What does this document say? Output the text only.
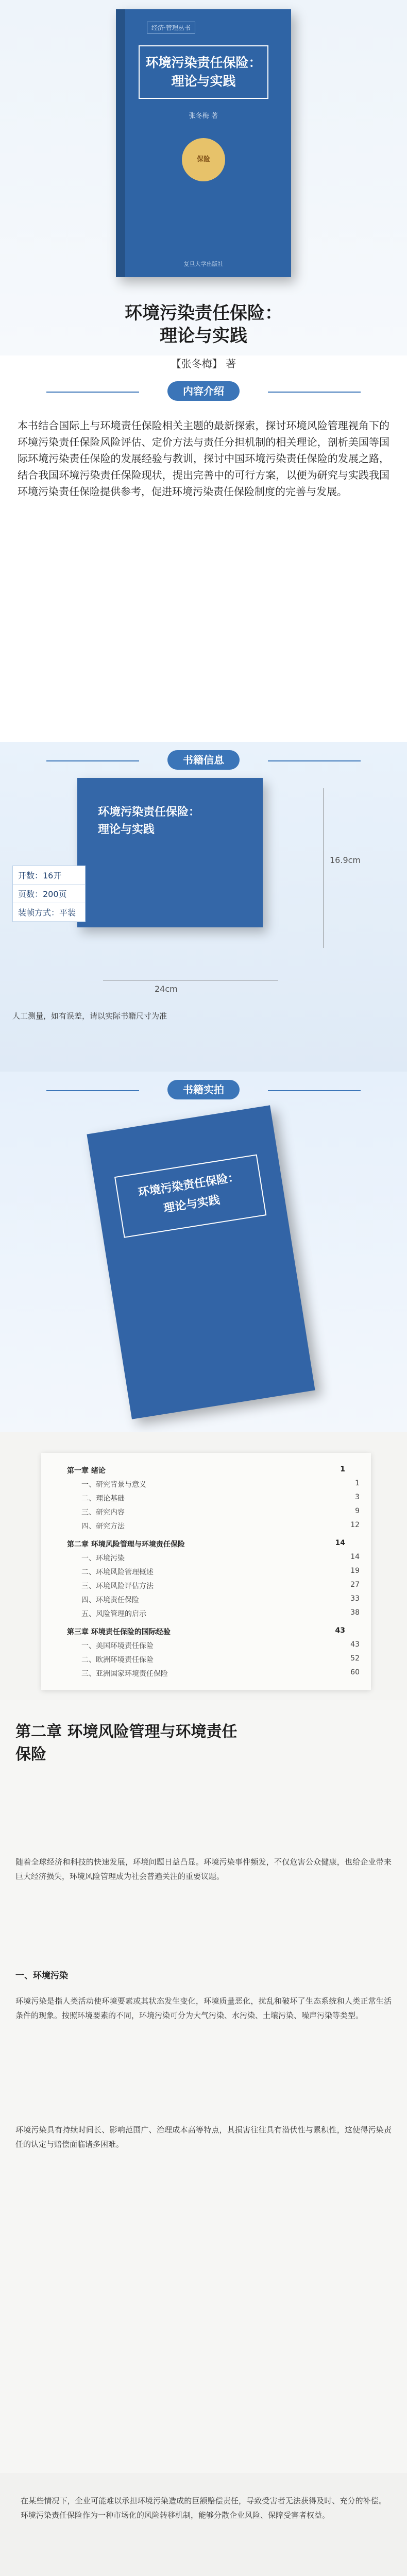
经济·管理丛书
环境污染责任保险：
理论与实践
张冬梅 著
保险
复旦大学出版社
环境污染责任保险：
理论与实践
【张冬梅】 著
内容介绍
本书结合国际上与环境责任保险相关主题的最新探索，探讨环境风险管理视角下的环境污染责任保险风险评估、定价方法与责任分担机制的相关理论，剖析美国等国际环境污染责任保险的发展经验与教训，探讨中国环境污染责任保险的发展之路，结合我国环境污染责任保险现状，提出完善中的可行方案，以便为研究与实践我国环境污染责任保险提供参考，促进环境污染责任保险制度的完善与发展。
书籍信息
环境污染责任保险：
理论与实践
16.9cm
24cm
开数：16开
页数：200页
装帧方式：平装
人工测量，如有误差，请以实际书籍尺寸为准
书籍实拍
环境污染责任保险：
理论与实践
第一章 绪论	1
一、研究背景与意义	1
二、理论基础	3
三、研究内容	9
四、研究方法	12
第二章 环境风险管理与环境责任保险	14
一、环境污染	14
二、环境风险管理概述	19
三、环境风险评估方法	27
四、环境责任保险	33
五、风险管理的启示	38
第三章 环境责任保险的国际经验	43
一、美国环境责任保险	43
二、欧洲环境责任保险	52
三、亚洲国家环境责任保险	60
第二章 环境风险管理与环境责任
保险
随着全球经济和科技的快速发展，环境问题日益凸显。环境污染事件频发，不仅危害公众健康，也给企业带来巨大经济损失，环境风险管理成为社会普遍关注的重要议题。
一、环境污染
环境污染是指人类活动使环境要素或其状态发生变化，环境质量恶化，扰乱和破坏了生态系统和人类正常生活条件的现象。按照环境要素的不同，环境污染可分为大气污染、水污染、土壤污染、噪声污染等类型。
环境污染具有持续时间长、影响范围广、治理成本高等特点，其损害往往具有潜伏性与累积性，这使得污染责任的认定与赔偿面临诸多困难。
在某些情况下，企业可能难以承担环境污染造成的巨额赔偿责任，导致受害者无法获得及时、充分的补偿。环境污染责任保险作为一种市场化的风险转移机制，能够分散企业风险、保障受害者权益。
